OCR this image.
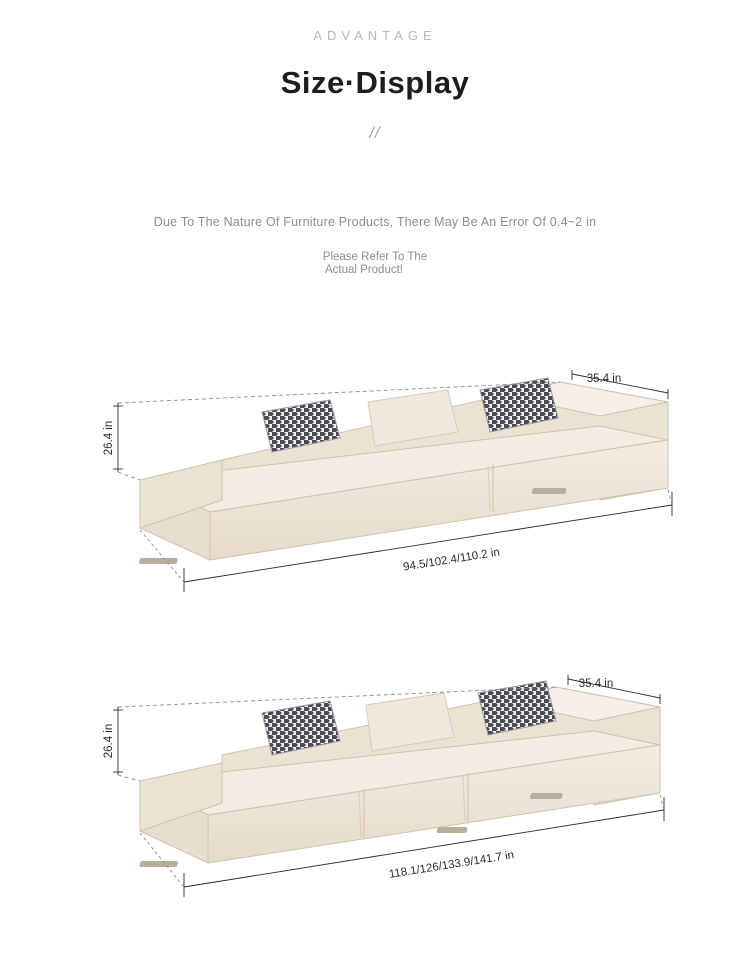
ADVANTAGE
Size·Display
//
Due To The Nature Of Furniture Products, There May Be An Error Of 0.4~2 in
Please Refer To The
Actual Product!
35.4 in
26.4 in
94.5/102.4/110.2 in
35.4 in
26.4 in
118.1/126/133.9/141.7 in
